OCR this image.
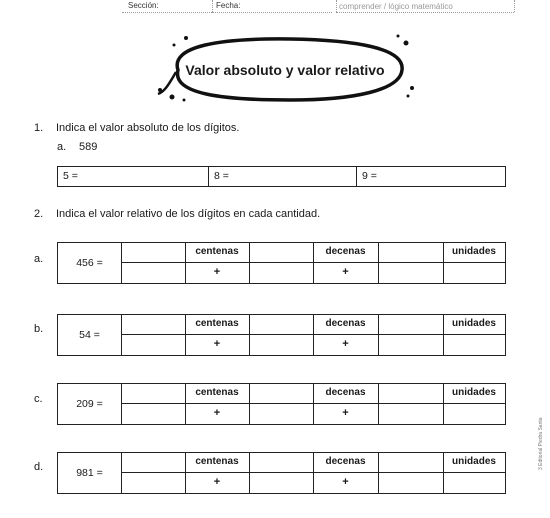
Sección:	Fecha:	comprender / lógico matemático
Valor absoluto y valor relativo
1. Indica el valor absoluto de los dígitos.
a. 589
5 =	8 =	9 =
2. Indica el valor relativo de los dígitos en cada cantidad.
a.	456 =
centenas	decenas	unidades
+	+
b.	54 =
centenas	decenas	unidades
+	+
c.	209 =
centenas	decenas	unidades
+	+
d.	981 =
centenas	decenas	unidades
+	+
3 Editorial Piedra Santa
